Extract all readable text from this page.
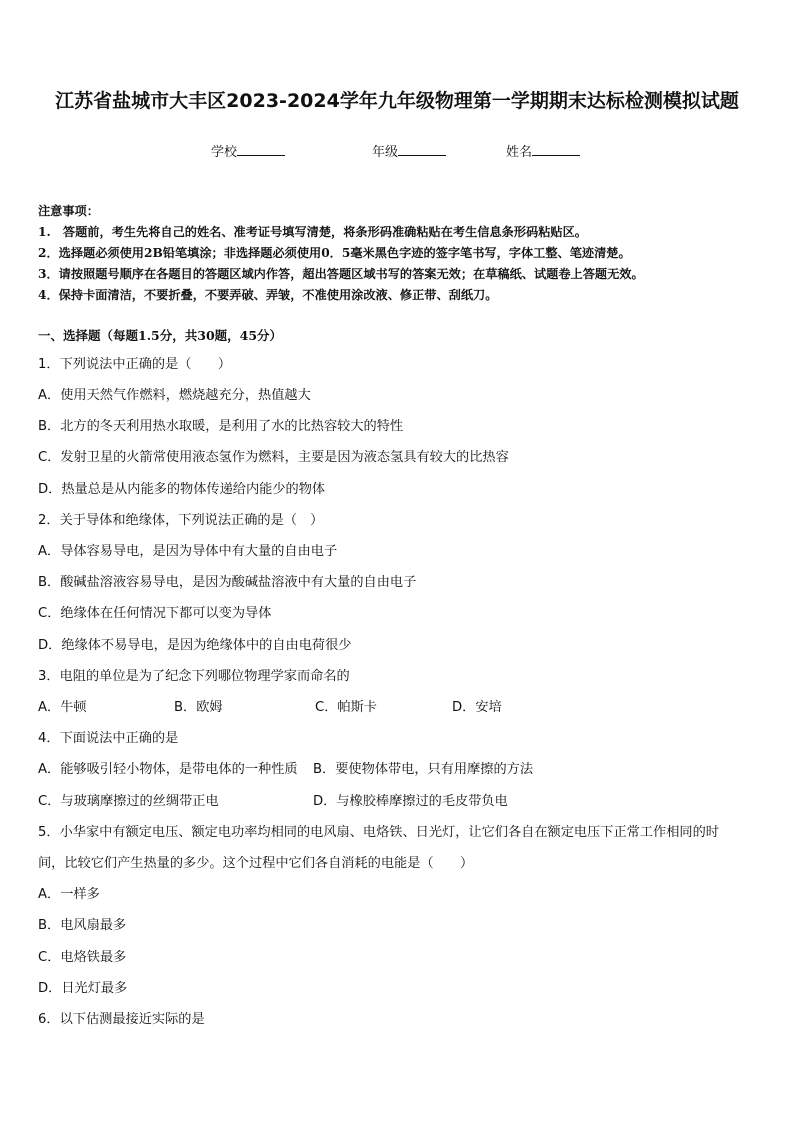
江苏省盐城市大丰区2023-2024学年九年级物理第一学期期末达标检测模拟试题
学校	年级	姓名
注意事项：
1.　答题前，考生先将自己的姓名、准考证号填写清楚，将条形码准确粘贴在考生信息条形码粘贴区。
2．选择题必须使用2B铅笔填涂；非选择题必须使用0．5毫米黑色字迹的签字笔书写，字体工整、笔迹清楚。
3．请按照题号顺序在各题目的答题区域内作答，超出答题区域书写的答案无效；在草稿纸、试题卷上答题无效。
4．保持卡面清洁，不要折叠，不要弄破、弄皱，不准使用涂改液、修正带、刮纸刀。
一、选择题（每题1.5分，共30题，45分）
1．下列说法中正确的是（　　）
A．使用天然气作燃料，燃烧越充分，热值越大
B．北方的冬天利用热水取暖，是利用了水的比热容较大的特性
C．发射卫星的火箭常使用液态氢作为燃料，主要是因为液态氢具有较大的比热容
D．热量总是从内能多的物体传递给内能少的物体
2．关于导体和绝缘体，下列说法正确的是（　）
A．导体容易导电，是因为导体中有大量的自由电子
B．酸碱盐溶液容易导电，是因为酸碱盐溶液中有大量的自由电子
C．绝缘体在任何情况下都可以变为导体
D．绝缘体不易导电，是因为绝缘体中的自由电荷很少
3．电阻的单位是为了纪念下列哪位物理学家而命名的
A．牛顿	B．欧姆	C．帕斯卡	D．安培
4．下面说法中正确的是
A．能够吸引轻小物体，是带电体的一种性质 B．要使物体带电，只有用摩擦的方法
C．与玻璃摩擦过的丝绸带正电	D．与橡胶棒摩擦过的毛皮带负电
5．小华家中有额定电压、额定电功率均相同的电风扇、电烙铁、日光灯，让它们各自在额定电压下正常工作相同的时
间，比较它们产生热量的多少。这个过程中它们各自消耗的电能是（　　）
A．一样多
B．电风扇最多
C．电烙铁最多
D．日光灯最多
6．以下估测最接近实际的是
